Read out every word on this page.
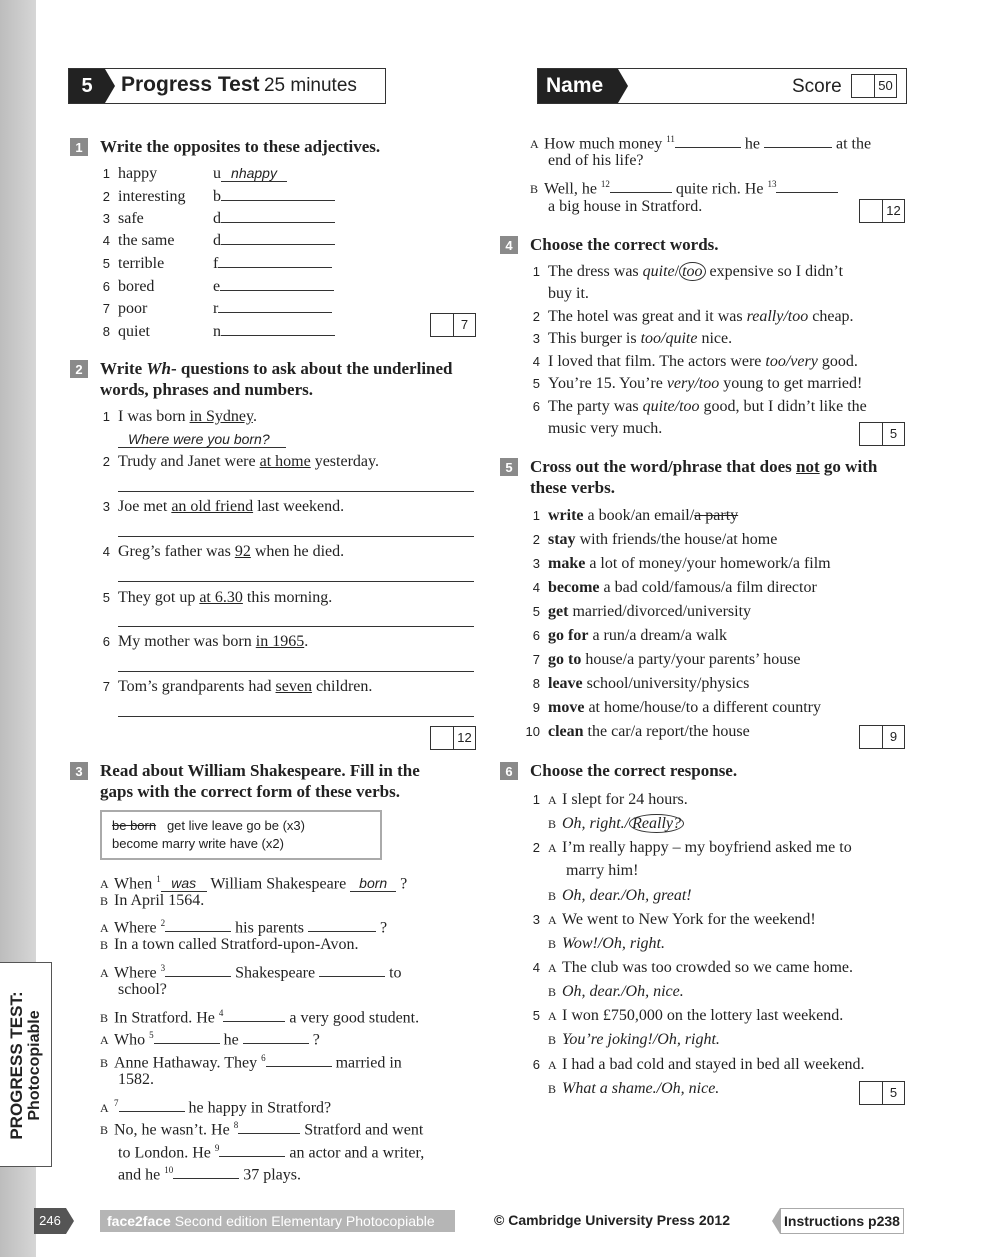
PROGRESS TEST: Photocopiable
5	Progress Test 25 minutes	Name	Score	50
1	Write the opposites to these adjectives.
1 happy	u nhappy
2 interesting b
3 safe	d
4 the same d
5 terrible	f
6 bored	e
7 poor	r
8 quiet	n	7
2	Write Wh- questions to ask about the underlined
words, phrases and numbers.
1 I was born in Sydney.
Where were you born?
2 Trudy and Janet were at home yesterday.
3 Joe met an old friend last weekend.
4 Greg’s father was 92 when he died.
5 They got up at 6.30 this morning.
6 My mother was born in 1965.
7 Tom’s grandparents had seven children.
12
3	Read about William Shakespeare. Fill in the
gaps with the correct form of these verbs.
be born get live leave go be (x3)
become marry write have (x2)
A When $^1$ was William Shakespeare born ?
B In April 1564.
A Where $^2$	his parents	?
B In a town called Stratford-upon-Avon.
A Where $^3$	Shakespeare	to
school?
B In Stratford. He $^4$	a very good student.
A Who $^5$	he	?
B Anne Hathaway. They $^6$	married in
1582.
A $^7$	he happy in Stratford?
B No, he wasn’t. He $^8$	Stratford and went
to London. He $^9$	an actor and a writer,
and he $^{10}$	37 plays.
A How much money $^{11}$	he	at the
end of his life?
B Well, he $^{12}$	quite rich. He $^{13}$
a big house in Stratford.	12
4	Choose the correct words.
1 The dress was quite/ too expensive so I didn’t
buy it.
2 The hotel was great and it was really/too cheap.
3 This burger is too/quite nice.
4 I loved that film. The actors were too/very good.
5 You’re 15. You’re very/too young to get married!
6 The party was quite/too good, but I didn’t like the
music very much.	5
5	Cross out the word/phrase that does not go with
these verbs.
1 write a book/an email/a party
2 stay with friends/the house/at home
3 make a lot of money/your homework/a film
4 become a bad cold/famous/a film director
5 get married/divorced/university
6 go for a run/a dream/a walk
7 go to house/a party/your parents’ house
8 leave school/university/physics
9 move at home/house/to a different country
10 clean the car/a report/the house	9
6	Choose the correct response.
1 A I slept for 24 hours.
B Oh, right./ Really?
2 A I’m really happy – my boyfriend asked me to
marry him!
B Oh, dear./Oh, great!
3 A We went to New York for the weekend!
B Wow!/Oh, right.
4 A The club was too crowded so we came home.
B Oh, dear./Oh, nice.
5 A I won £750,000 on the lottery last weekend.
B You’re joking!/Oh, right.
6 A I had a bad cold and stayed in bed all weekend.
B What a shame./Oh, nice.	5
246	face2face Second edition Elementary Photocopiable	© Cambridge University Press 2012	Instructions p238
